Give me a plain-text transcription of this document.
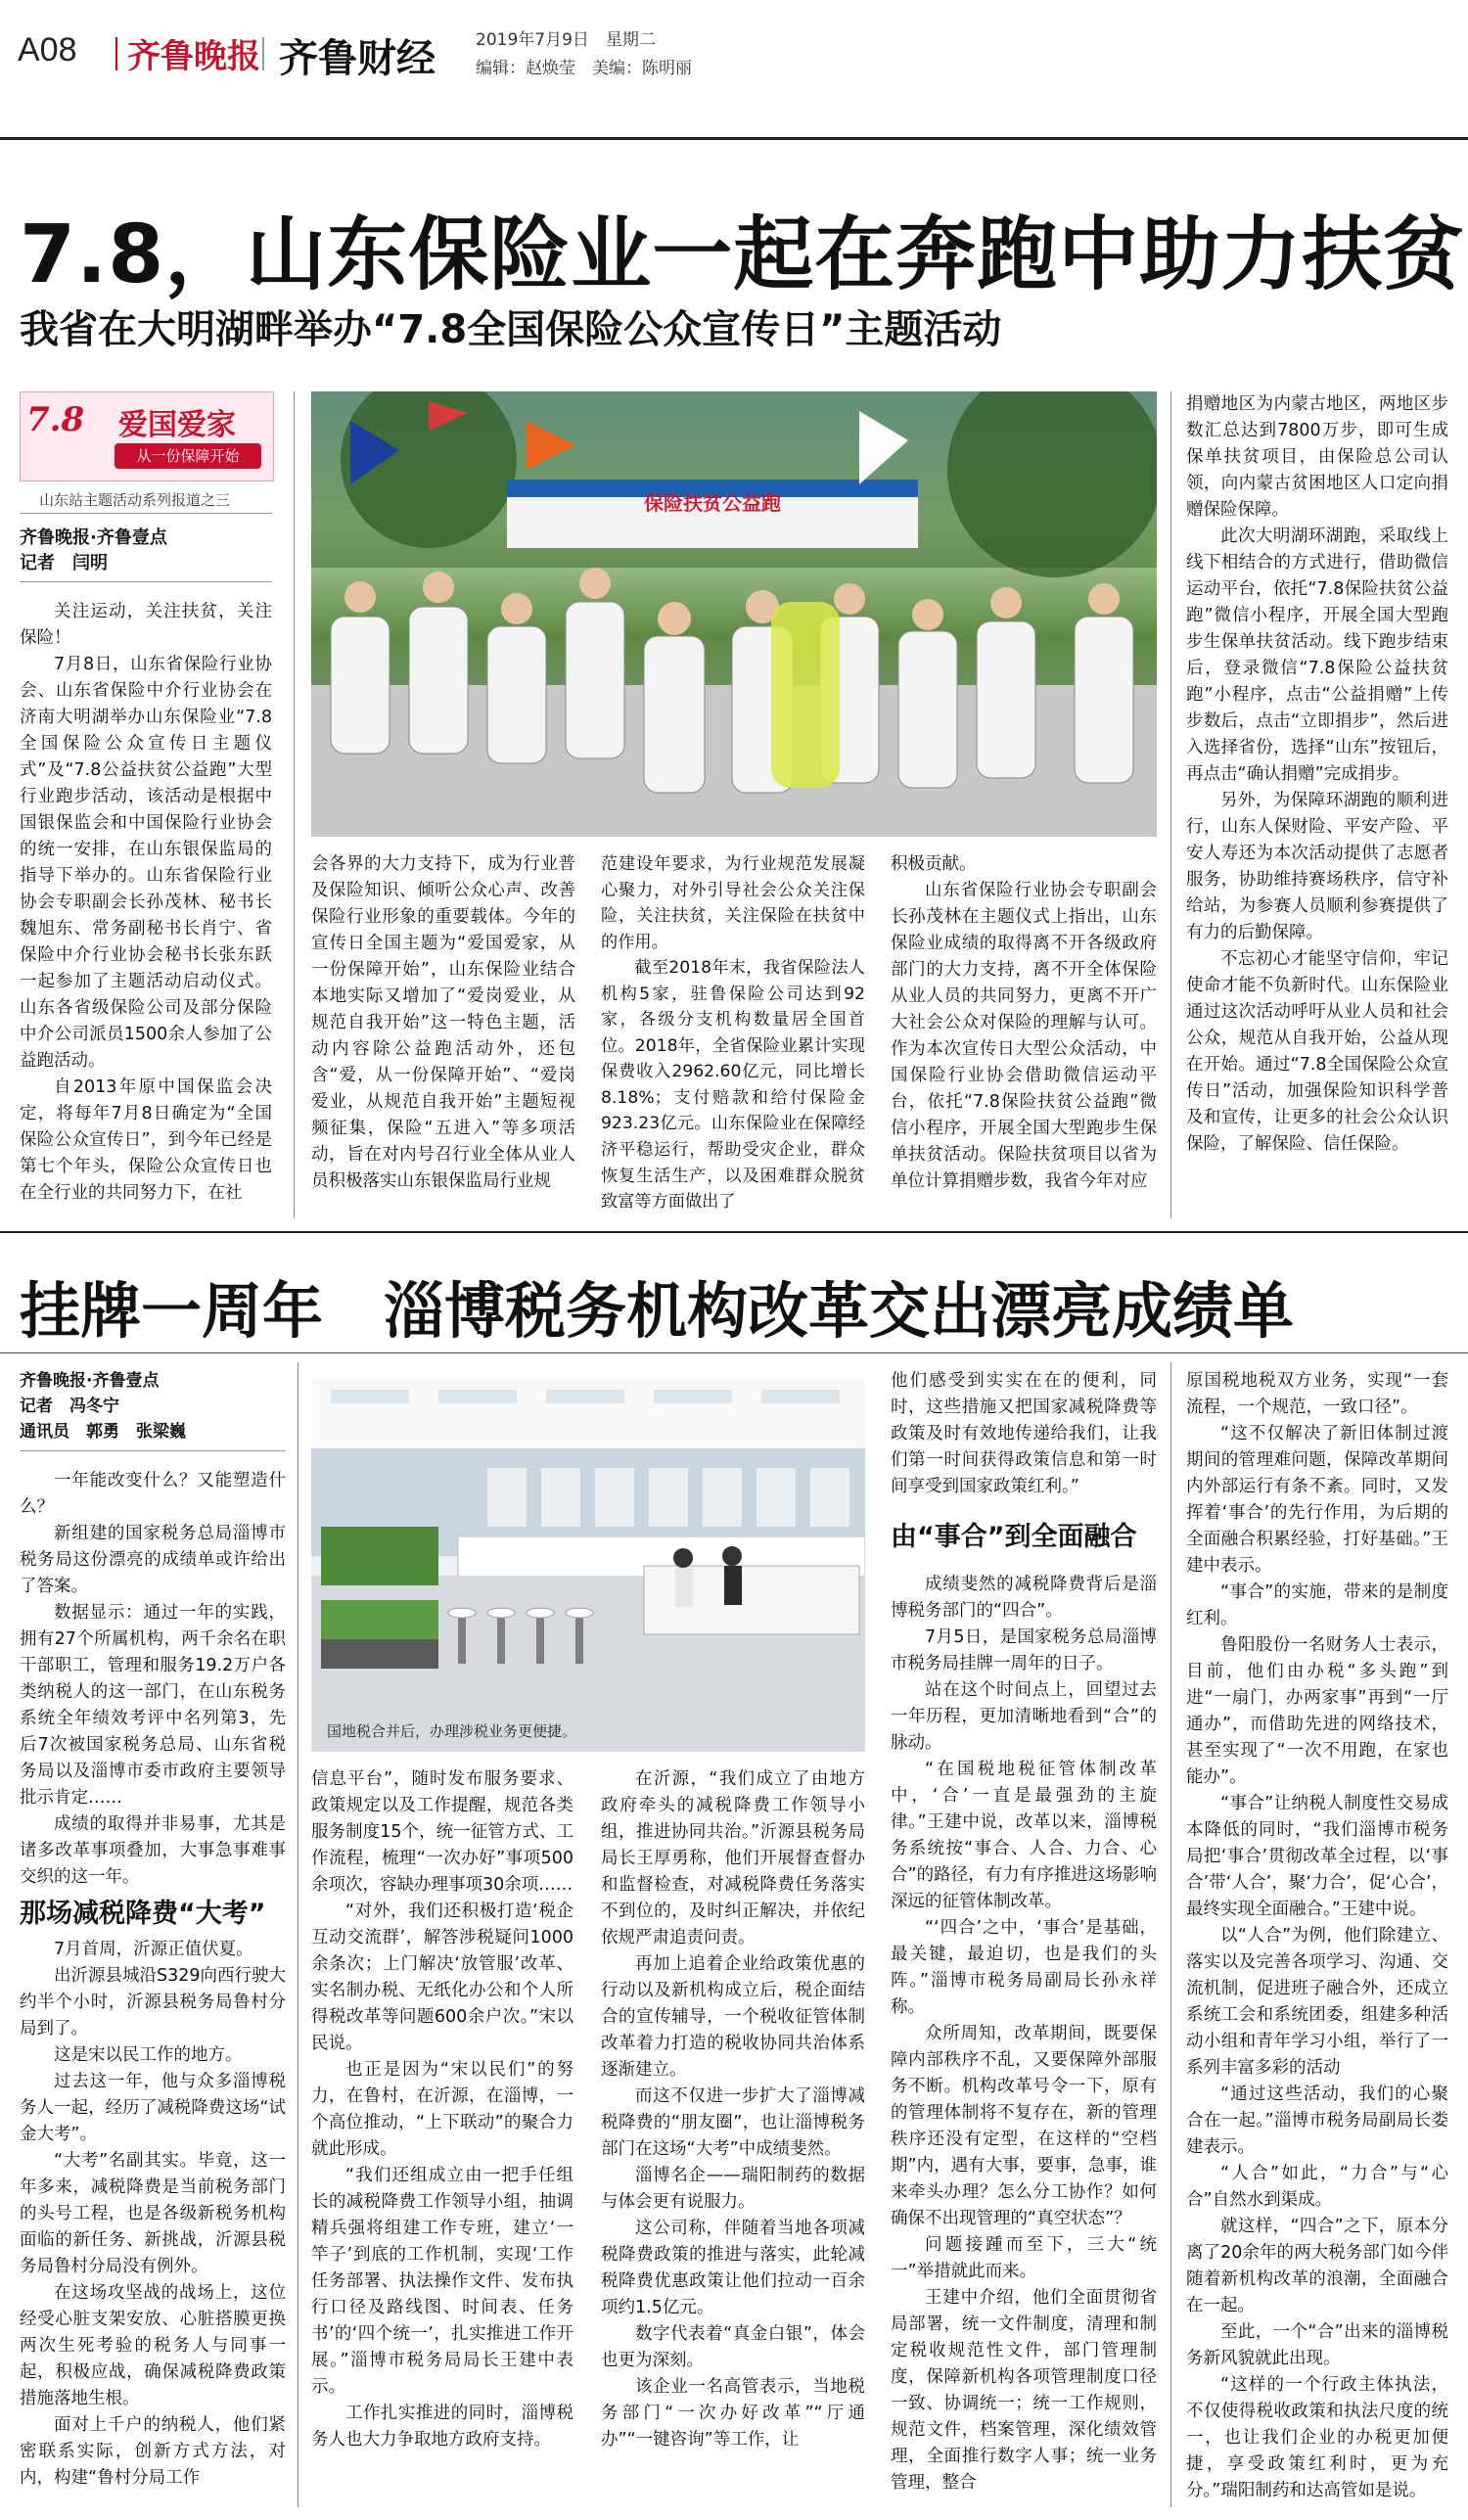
A08 齐鲁晚报 齐鲁财经 2019年7月9日　星期二
编辑：赵焕莹　美编：陈明丽
7.8，山东保险业一起在奔跑中助力扶贫
我省在大明湖畔举办“7.8全国保险公众宣传日”主题活动
7.8 爱国爱家
从一份保障开始
山东站主题活动系列报道之三
齐鲁晚报·齐鲁壹点
记者　闫明

关注运动，关注扶贫，关注保险！

7月8日，山东省保险行业协会、山东省保险中介行业协会在济南大明湖举办山东保险业“7.8全国保险公众宣传日主题仪式”及“7.8公益扶贫公益跑”大型行业跑步活动，该活动是根据中国银保监会和中国保险行业协会的统一安排，在山东银保监局的指导下举办的。山东省保险行业协会专职副会长孙茂林、秘书长魏旭东、常务副秘书长肖宁、省保险中介行业协会秘书长张东跃一起参加了主题活动启动仪式。山东各省级保险公司及部分保险中介公司派员1500余人参加了公益跑活动。

自2013年原中国保监会决定，将每年7月8日确定为“全国保险公众宣传日”，到今年已经是第七个年头，保险公众宣传日也在全行业的共同努力下，在社

保险扶贫公益跑

捐赠地区为内蒙古地区，两地区步数汇总达到7800万步，即可生成保单扶贫项目，由保险总公司认领，向内蒙古贫困地区人口定向捐赠保险保障。

此次大明湖环湖跑，采取线上线下相结合的方式进行，借助微信运动平台，依托“7.8保险扶贫公益跑”微信小程序，开展全国大型跑步生保单扶贫活动。线下跑步结束后，登录微信“7.8保险公益扶贫跑”小程序，点击“公益捐赠”上传步数后，点击“立即捐步”，然后进入选择省份，选择“山东”按钮后，再点击“确认捐赠”完成捐步。

另外，为保障环湖跑的顺利进行，山东人保财险、平安产险、平安人寿还为本次活动提供了志愿者服务，协助维持赛场秩序，信守补给站，为参赛人员顺利参赛提供了有力的后勤保障。

不忘初心才能坚守信仰，牢记使命才能不负新时代。山东保险业通过这次活动呼吁从业人员和社会公众，规范从自我开始，公益从现在开始。通过“7.8全国保险公众宣传日”活动，加强保险知识科学普及和宣传，让更多的社会公众认识保险，了解保险、信任保险。

会各界的大力支持下，成为行业普及保险知识、倾听公众心声、改善保险行业形象的重要载体。今年的宣传日全国主题为“爱国爱家，从一份保障开始”，山东保险业结合本地实际又增加了“爱岗爱业，从规范自我开始”这一特色主题，活动内容除公益跑活动外，还包含“爱，从一份保障开始”、“爱岗爱业，从规范自我开始”主题短视频征集，保险“五进入”等多项活动，旨在对内号召行业全体从业人员积极落实山东银保监局行业规

范建设年要求，为行业规范发展凝心聚力，对外引导社会公众关注保险，关注扶贫，关注保险在扶贫中的作用。

截至2018年末，我省保险法人机构5家，驻鲁保险公司达到92家，各级分支机构数量居全国首位。2018年，全省保险业累计实现保费收入2962.60亿元，同比增长8.18%；支付赔款和给付保险金923.23亿元。山东保险业在保障经济平稳运行，帮助受灾企业，群众恢复生活生产，以及困难群众脱贫致富等方面做出了

积极贡献。

山东省保险行业协会专职副会长孙茂林在主题仪式上指出，山东保险业成绩的取得离不开各级政府部门的大力支持，离不开全体保险从业人员的共同努力，更离不开广大社会公众对保险的理解与认可。作为本次宣传日大型公众活动，中国保险行业协会借助微信运动平台，依托“7.8保险扶贫公益跑”微信小程序，开展全国大型跑步生保单扶贫活动。保险扶贫项目以省为单位计算捐赠步数，我省今年对应

挂牌一周年　淄博税务机构改革交出漂亮成绩单
齐鲁晚报·齐鲁壹点
记者　冯冬宁
通讯员　郭勇　张梁巍

一年能改变什么？又能塑造什么？

新组建的国家税务总局淄博市税务局这份漂亮的成绩单或许给出了答案。

数据显示：通过一年的实践，拥有27个所属机构，两千余名在职干部职工，管理和服务19.2万户各类纳税人的这一部门，在山东税务系统全年绩效考评中名列第3，先后7次被国家税务总局、山东省税务局以及淄博市委市政府主要领导批示肯定……

成绩的取得并非易事，尤其是诸多改革事项叠加，大事急事难事交织的这一年。

那场减税降费“大考”

7月首周，沂源正值伏夏。

出沂源县城沿S329向西行驶大约半个小时，沂源县税务局鲁村分局到了。

这是宋以民工作的地方。

过去这一年，他与众多淄博税务人一起，经历了减税降费这场“试金大考”。

“大考”名副其实。毕竟，这一年多来，减税降费是当前税务部门的头号工程，也是各级新税务机构面临的新任务、新挑战，沂源县税务局鲁村分局没有例外。

在这场攻坚战的战场上，这位经受心脏支架安放、心脏搭膜更换两次生死考验的税务人与同事一起，积极应战，确保减税降费政策措施落地生根。

面对上千户的纳税人，他们紧密联系实际，创新方式方法，对内，构建“鲁村分局工作

国地税合并后，办理涉税业务更便捷。

信息平台”，随时发布服务要求、政策规定以及工作提醒，规范各类服务制度15个，统一征管方式、工作流程，梳理“一次办好”事项500余项次，容缺办理事项30余项……

“对外，我们还积极打造‘税企互动交流群’，解答涉税疑问1000余条次；上门解决‘放管服’改革、实名制办税、无纸化办公和个人所得税改革等问题600余户次。”宋以民说。

也正是因为“宋以民们”的努力，在鲁村，在沂源，在淄博，一个高位推动，“上下联动”的聚合力就此形成。

“我们还组成立由一把手任组长的减税降费工作领导小组，抽调精兵强将组建工作专班，建立‘一竿子’到底的工作机制，实现‘工作任务部署、执法操作文件、发布执行口径及路线图、时间表、任务书’的‘四个统一’，扎实推进工作开展。”淄博市税务局局长王建中表示。

工作扎实推进的同时，淄博税务人也大力争取地方政府支持。

在沂源，“我们成立了由地方政府牵头的减税降费工作领导小组，推进协同共治。”沂源县税务局局长王厚勇称，他们开展督查督办和监督检查，对减税降费任务落实不到位的，及时纠正解决，并依纪依规严肃追责问责。

再加上追着企业给政策优惠的行动以及新机构成立后，税企面结合的宣传辅导，一个税收征管体制改革着力打造的税收协同共治体系逐渐建立。

而这不仅进一步扩大了淄博减税降费的“朋友圈”，也让淄博税务部门在这场“大考”中成绩斐然。

淄博名企——瑞阳制药的数据与体会更有说服力。

这公司称，伴随着当地各项减税降费政策的推进与落实，此轮减税降费优惠政策让他们拉动一百余项约1.5亿元。

数字代表着“真金白银”，体会也更为深刻。

该企业一名高管表示，当地税务部门“一次办好改革”“厅通办”“一键咨询”等工作，让

他们感受到实实在在的便利，同时，这些措施又把国家减税降费等政策及时有效地传递给我们，让我们第一时间获得政策信息和第一时间享受到国家政策红利。”

由“事合”到全面融合

成绩斐然的减税降费背后是淄博税务部门的“四合”。

7月5日，是国家税务总局淄博市税务局挂牌一周年的日子。

站在这个时间点上，回望过去一年历程，更加清晰地看到“合”的脉动。

“在国税地税征管体制改革中，‘合’一直是最强劲的主旋律。”王建中说，改革以来，淄博税务系统按“事合、人合、力合、心合”的路径，有力有序推进这场影响深远的征管体制改革。

“‘四合’之中，‘事合’是基础，最关键，最迫切，也是我们的头阵。”淄博市税务局副局长孙永祥称。

众所周知，改革期间，既要保障内部秩序不乱，又要保障外部服务不断。机构改革号令一下，原有的管理体制将不复存在，新的管理秩序还没有定型，在这样的“空档期”内，遇有大事，要事，急事，谁来牵头办理？怎么分工协作？如何确保不出现管理的“真空状态”？

问题接踵而至下，三大“统一”举措就此而来。

王建中介绍，他们全面贯彻省局部署，统一文件制度，清理和制定税收规范性文件，部门管理制度，保障新机构各项管理制度口径一致、协调统一；统一工作规则，规范文件，档案管理，深化绩效管理，全面推行数字人事；统一业务管理，整合

原国税地税双方业务，实现“一套流程，一个规范，一致口径”。

“这不仅解决了新旧体制过渡期间的管理难问题，保障改革期间内外部运行有条不紊。同时，又发挥着‘事合’的先行作用，为后期的全面融合积累经验，打好基础。”王建中表示。

“事合”的实施，带来的是制度红利。

鲁阳股份一名财务人士表示，目前，他们由办税“多头跑”到进“一扇门，办两家事”再到“一厅通办”，而借助先进的网络技术，甚至实现了“一次不用跑，在家也能办”。

“事合”让纳税人制度性交易成本降低的同时，“我们淄博市税务局把‘事合’贯彻改革全过程，以‘事合’带‘人合’，聚‘力合’，促‘心合’，最终实现全面融合。”王建中说。

以“人合”为例，他们除建立、落实以及完善各项学习、沟通、交流机制，促进班子融合外，还成立系统工会和系统团委，组建多种活动小组和青年学习小组，举行了一系列丰富多彩的活动

“通过这些活动，我们的心聚合在一起。”淄博市税务局副局长娄建表示。

“人合”如此，“力合”与“心合”自然水到渠成。

就这样，“四合”之下，原本分离了20余年的两大税务部门如今伴随着新机构改革的浪潮，全面融合在一起。

至此，一个“合”出来的淄博税务新风貌就此出现。

“这样的一个行政主体执法，不仅使得税收政策和执法尺度的统一，也让我们企业的办税更加便捷，享受政策红利时，更为充分。”瑞阳制药和达高管如是说。
